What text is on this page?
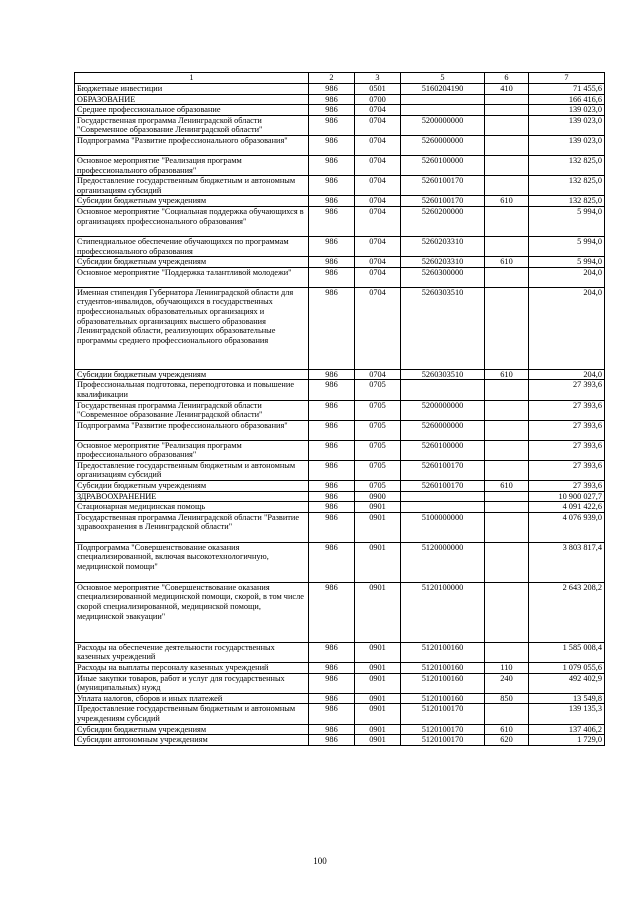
1	2	3	5	6	7
Бюджетные инвестиции	986	0501	5160204190	410	71 455,6
ОБРАЗОВАНИЕ	986	0700			166 416,6
Среднее профессиональное образование	986	0704			139 023,0
Государственная программа Ленинградской области "Современное образование Ленинградской области"	986	0704	5200000000		139 023,0
Подпрограмма "Развитие профессионального образования"	986	0704	5260000000		139 023,0
Основное мероприятие "Реализация программ профессионального образования"	986	0704	5260100000		132 825,0
Предоставление государственным бюджетным и автономным организациям субсидий	986	0704	5260100170		132 825,0
Субсидии бюджетным учреждениям	986	0704	5260100170	610	132 825,0
Основное мероприятие "Социальная поддержка обучающихся в организациях профессионального образования"	986	0704	5260200000		5 994,0
Стипендиальное обеспечение обучающихся по программам профессионального образования	986	0704	5260203310		5 994,0
Субсидии бюджетным учреждениям	986	0704	5260203310	610	5 994,0
Основное мероприятие "Поддержка талантливой молодежи"	986	0704	5260300000		204,0
Именная стипендия Губернатора Ленинградской области для студентов-инвалидов, обучающихся в государственных профессиональных образовательных организациях и образовательных организациях высшего образования Ленинградской области, реализующих образовательные программы среднего профессионального образования	986	0704	5260303510		204,0
Субсидии бюджетным учреждениям	986	0704	5260303510	610	204,0
Профессиональная подготовка, переподготовка и повышение квалификации	986	0705			27 393,6
Государственная программа Ленинградской области "Современное образование Ленинградской области"	986	0705	5200000000		27 393,6
Подпрограмма "Развитие профессионального образования"	986	0705	5260000000		27 393,6
Основное мероприятие "Реализация программ профессионального образования"	986	0705	5260100000		27 393,6
Предоставление государственным бюджетным и автономным организациям субсидий	986	0705	5260100170		27 393,6
Субсидии бюджетным учреждениям	986	0705	5260100170	610	27 393,6
ЗДРАВООХРАНЕНИЕ	986	0900			10 900 027,7
Стационарная медицинская помощь	986	0901			4 091 422,6
Государственная программа Ленинградской области "Развитие здравоохранения в Ленинградской области"	986	0901	5100000000		4 076 939,0
Подпрограмма "Совершенствование оказания специализированной, включая высокотехнологичную, медицинской помощи"	986	0901	5120000000		3 803 817,4
Основное мероприятие "Совершенствование оказания специализированной медицинской помощи, скорой, в том числе скорой специализированной, медицинской помощи, медицинской эвакуации"	986	0901	5120100000		2 643 208,2
Расходы на обеспечение деятельности государственных казенных учреждений	986	0901	5120100160		1 585 008,4
Расходы на выплаты персоналу казенных учреждений	986	0901	5120100160	110	1 079 055,6
Иные закупки товаров, работ и услуг для государственных (муниципальных) нужд	986	0901	5120100160	240	492 402,9
Уплата налогов, сборов и иных платежей	986	0901	5120100160	850	13 549,8
Предоставление государственным бюджетным и автономным учреждениям субсидий	986	0901	5120100170		139 135,3
Субсидии бюджетным учреждениям	986	0901	5120100170	610	137 406,2
Субсидии автономным учреждениям	986	0901	5120100170	620	1 729,0
100
